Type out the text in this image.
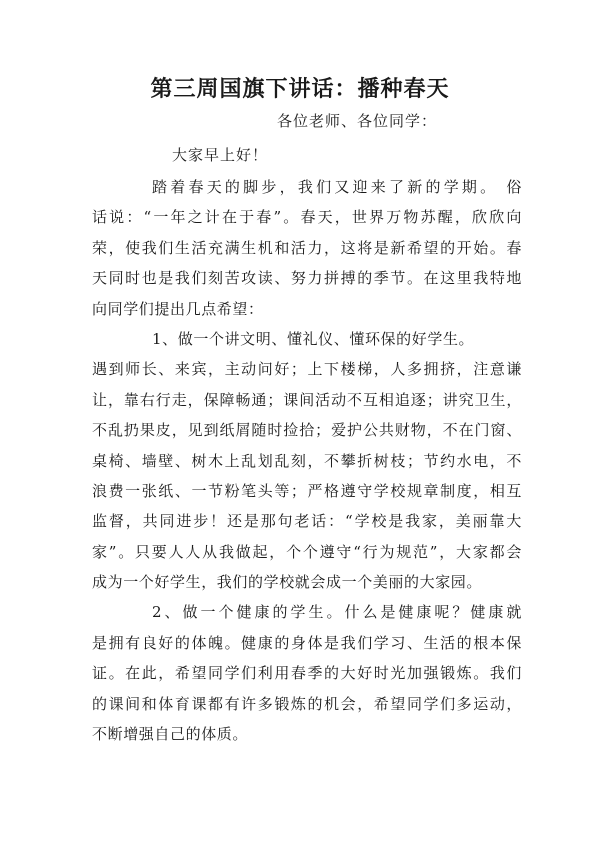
第三周国旗下讲话：播种春天

各位老师、各位同学：

大家早上好！

踏着春天的脚步，我们又迎来了新的学期。 俗
话说：“一年之计在于春”。春天，世界万物苏醒，欣欣向
荣，使我们生活充满生机和活力，这将是新希望的开始。春
天同时也是我们刻苦攻读、努力拼搏的季节。在这里我特地
向同学们提出几点希望：
1、做一个讲文明、懂礼仪、懂环保的好学生。
遇到师长、来宾，主动问好；上下楼梯，人多拥挤，注意谦
让，靠右行走，保障畅通；课间活动不互相追逐；讲究卫生，
不乱扔果皮，见到纸屑随时捡拾；爱护公共财物，不在门窗、
桌椅、墙壁、树木上乱划乱刻，不攀折树枝；节约水电，不
浪费一张纸、一节粉笔头等；严格遵守学校规章制度，相互
监督，共同进步！还是那句老话：“学校是我家，美丽靠大
家”。只要人人从我做起，个个遵守“行为规范”，大家都会
成为一个好学生，我们的学校就会成一个美丽的大家园。
2、做一个健康的学生。什么是健康呢？健康就
是拥有良好的体魄。健康的身体是我们学习、生活的根本保
证。在此，希望同学们利用春季的大好时光加强锻炼。我们
的课间和体育课都有许多锻炼的机会，希望同学们多运动，
不断增强自己的体质。
